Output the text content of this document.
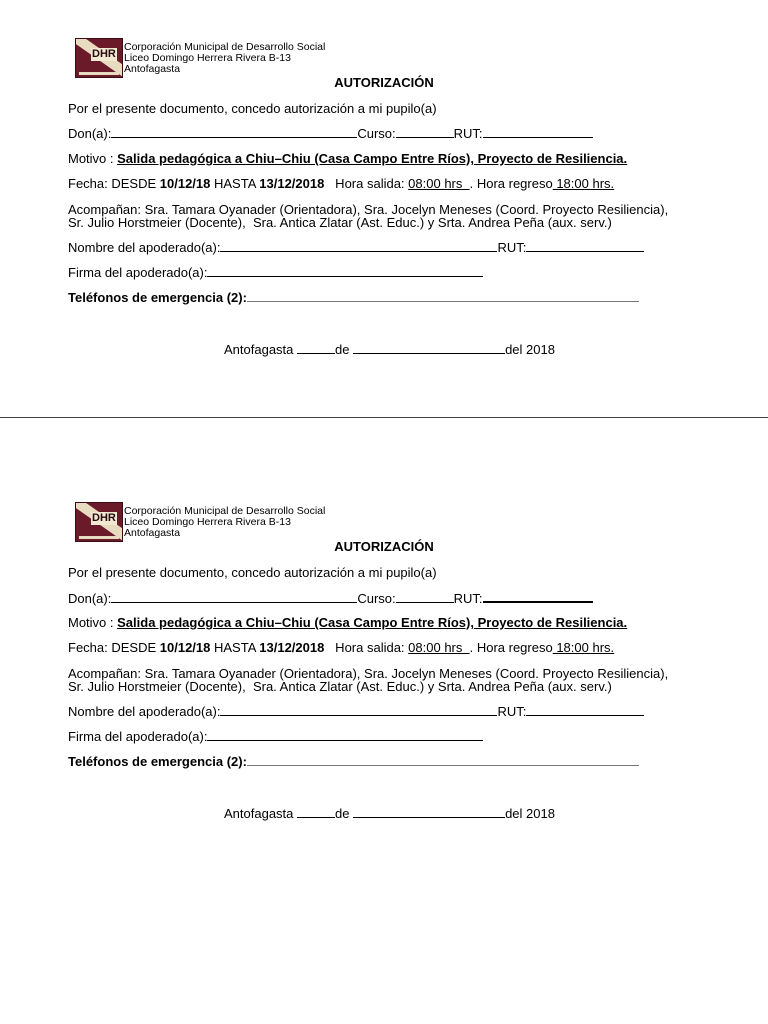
DHR
Corporación Municipal de Desarrollo Social
Liceo Domingo Herrera Rivera B-13
Antofagasta
AUTORIZACIÓN
Por el presente documento, concedo autorización a mi pupilo(a)
Don(a):	Curso:	RUT:
Motivo : Salida pedagógica a Chiu–Chiu (Casa Campo Entre Ríos), Proyecto de Resiliencia.
Fecha: DESDE 10/12/18 HASTA 13/12/2018   Hora salida: 08:00 hrs  . Hora regreso 18:00 hrs.
Acompañan: Sra. Tamara Oyanader (Orientadora), Sra. Jocelyn Meneses (Coord. Proyecto Resiliencia),
Sr. Julio Horstmeier (Docente),  Sra. Antica Zlatar (Ast. Educ.) y Srta. Andrea Peña (aux. serv.)
Nombre del apoderado(a):	RUT:
Firma del apoderado(a):
Teléfonos de emergencia (2):
Antofagasta	de	del 2018
DHR
Corporación Municipal de Desarrollo Social
Liceo Domingo Herrera Rivera B-13
Antofagasta
AUTORIZACIÓN
Por el presente documento, concedo autorización a mi pupilo(a)
Don(a):	Curso:	RUT:
Motivo : Salida pedagógica a Chiu–Chiu (Casa Campo Entre Ríos), Proyecto de Resiliencia.
Fecha: DESDE 10/12/18 HASTA 13/12/2018   Hora salida: 08:00 hrs  . Hora regreso 18:00 hrs.
Acompañan: Sra. Tamara Oyanader (Orientadora), Sra. Jocelyn Meneses (Coord. Proyecto Resiliencia),
Sr. Julio Horstmeier (Docente),  Sra. Antica Zlatar (Ast. Educ.) y Srta. Andrea Peña (aux. serv.)
Nombre del apoderado(a):	RUT:
Firma del apoderado(a):
Teléfonos de emergencia (2):
Antofagasta	de	del 2018
